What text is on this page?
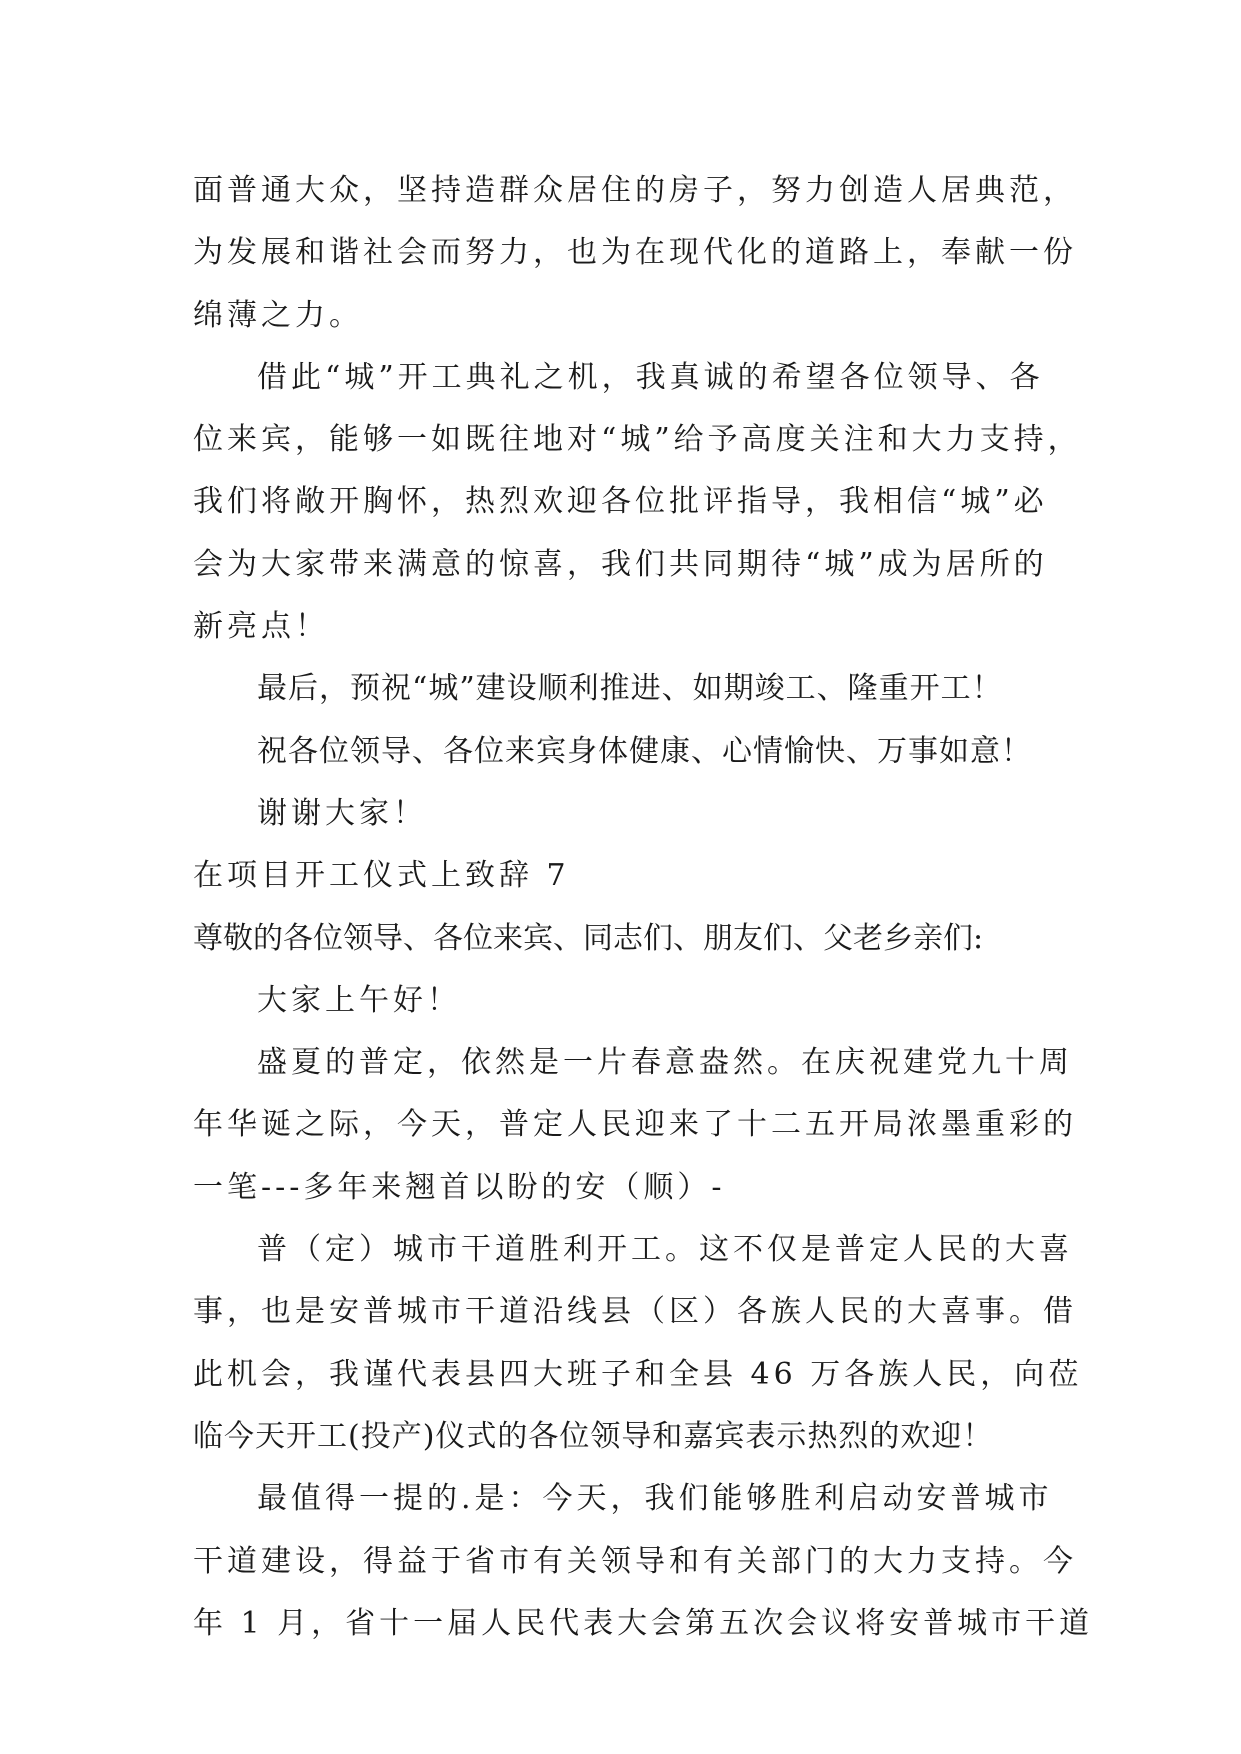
面普通大众，坚持造群众居住的房子，努力创造人居典范，
为发展和谐社会而努力，也为在现代化的道路上，奉献一份
绵薄之力。
借此“城”开工典礼之机，我真诚的希望各位领导、各
位来宾，能够一如既往地对“城”给予高度关注和大力支持，
我们将敞开胸怀，热烈欢迎各位批评指导，我相信“城”必
会为大家带来满意的惊喜，我们共同期待“城”成为居所的
新亮点！
最后，预祝“城”建设顺利推进、如期竣工、隆重开工！
祝各位领导、各位来宾身体健康、心情愉快、万事如意！
谢谢大家！
在项目开工仪式上致辞 7
尊敬的各位领导、各位来宾、同志们、朋友们、父老乡亲们:
大家上午好！
盛夏的普定，依然是一片春意盎然。在庆祝建党九十周
年华诞之际，今天，普定人民迎来了十二五开局浓墨重彩的
一笔---多年来翘首以盼的安（顺）-
普（定）城市干道胜利开工。这不仅是普定人民的大喜
事，也是安普城市干道沿线县（区）各族人民的大喜事。借
此机会，我谨代表县四大班子和全县 46 万各族人民，向莅
临今天开工(投产)仪式的各位领导和嘉宾表示热烈的欢迎！
最值得一提的.是：今天，我们能够胜利启动安普城市
干道建设，得益于省市有关领导和有关部门的大力支持。今
年 1 月，省十一届人民代表大会第五次会议将安普城市干道
